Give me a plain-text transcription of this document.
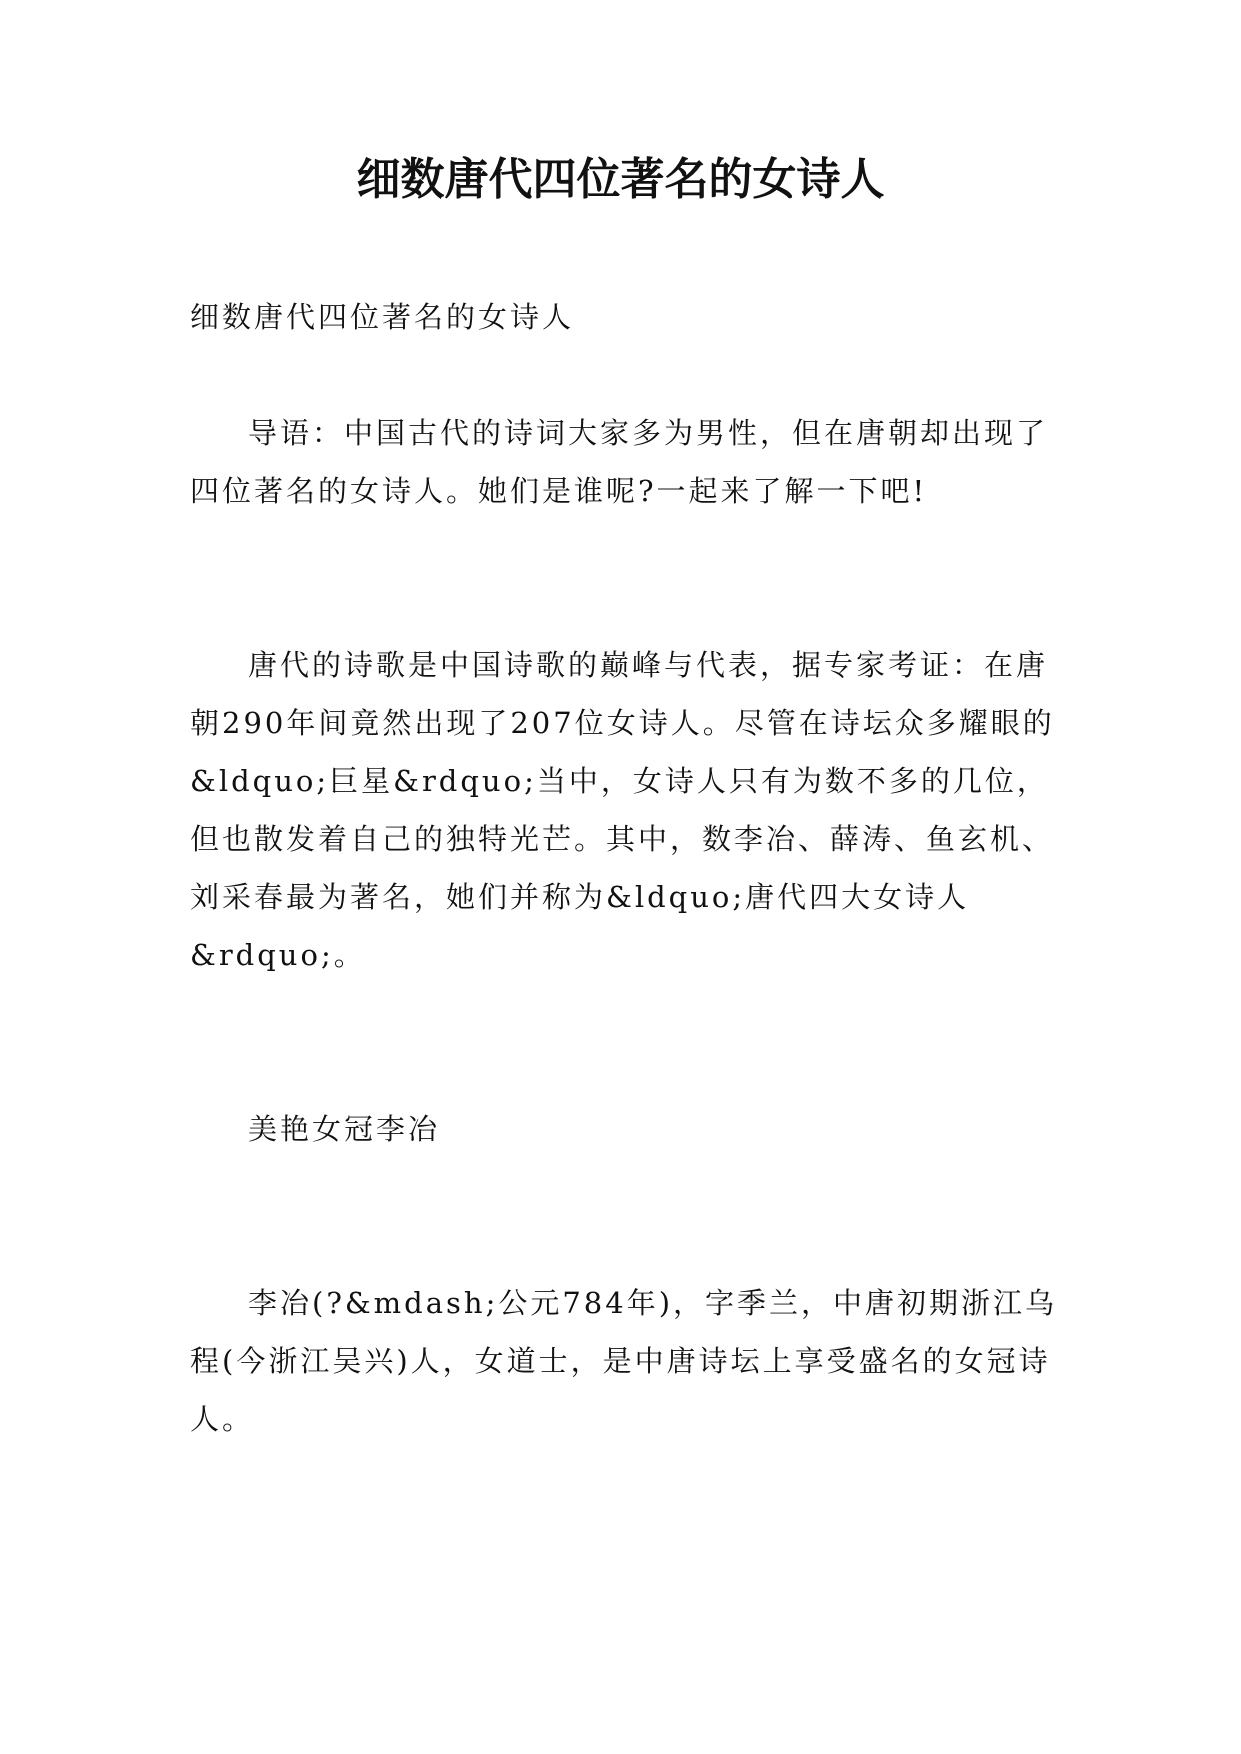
细数唐代四位著名的女诗人

细数唐代四位著名的女诗人

导语：中国古代的诗词大家多为男性，但在唐朝却出现了四位著名的女诗人。她们是谁呢?一起来了解一下吧!

唐代的诗歌是中国诗歌的巅峰与代表，据专家考证：在唐朝290年间竟然出现了207位女诗人。尽管在诗坛众多耀眼的&ldquo;巨星&rdquo;当中，女诗人只有为数不多的几位，但也散发着自己的独特光芒。其中，数李冶、薛涛、鱼玄机、刘采春最为著名，她们并称为&ldquo;唐代四大女诗人&rdquo;。

美艳女冠李冶

李冶(?&mdash;公元784年)，字季兰，中唐初期浙江乌程(今浙江吴兴)人，女道士，是中唐诗坛上享受盛名的女冠诗人。
